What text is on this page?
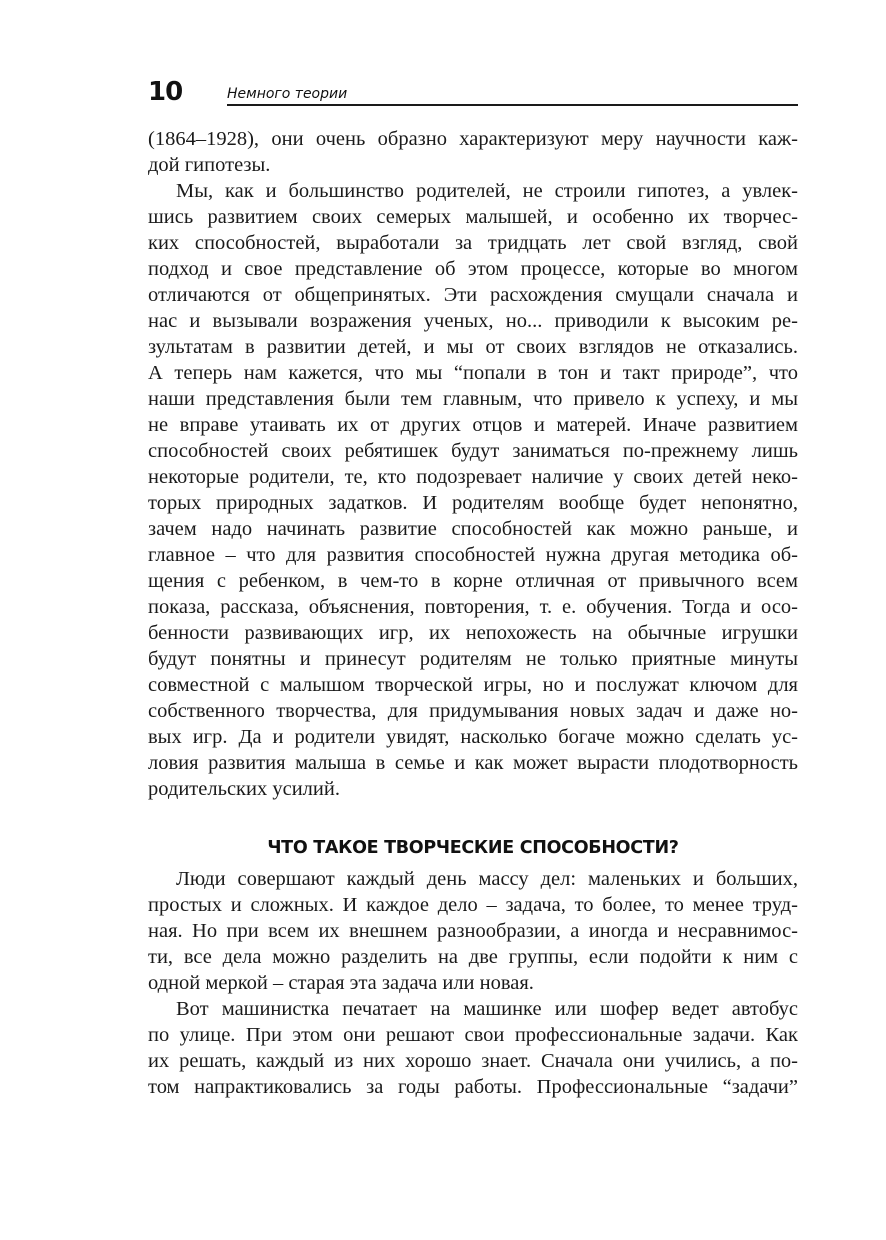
10	Немного теории
(1864–1928), они очень образно характеризуют меру научности каж-
дой гипотезы.
Мы, как и большинство родителей, не строили гипотез, а увлек-
шись развитием своих семерых малышей, и особенно их творчес-
ких способностей, выработали за тридцать лет свой взгляд, свой
подход и свое представление об этом процессе, которые во многом
отличаются от общепринятых. Эти расхождения смущали сначала и
нас и вызывали возражения ученых, но... приводили к высоким ре-
зультатам в развитии детей, и мы от своих взглядов не отказались.
А теперь нам кажется, что мы “попали в тон и такт природе”, что
наши представления были тем главным, что привело к успеху, и мы
не вправе утаивать их от других отцов и матерей. Иначе развитием
способностей своих ребятишек будут заниматься по-прежнему лишь
некоторые родители, те, кто подозревает наличие у своих детей неко-
торых природных задатков. И родителям вообще будет непонятно,
зачем надо начинать развитие способностей как можно раньше, и
главное – что для развития способностей нужна другая методика об-
щения с ребенком, в чем-то в корне отличная от привычного всем
показа, рассказа, объяснения, повторения, т. е. обучения. Тогда и осо-
бенности развивающих игр, их непохожесть на обычные игрушки
будут понятны и принесут родителям не только приятные минуты
совместной с малышом творческой игры, но и послужат ключом для
собственного творчества, для придумывания новых задач и даже но-
вых игр. Да и родители увидят, насколько богаче можно сделать ус-
ловия развития малыша в семье и как может вырасти плодотворность
родительских усилий.
ЧТО ТАКОЕ ТВОРЧЕСКИЕ СПОСОБНОСТИ?
Люди совершают каждый день массу дел: маленьких и больших,
простых и сложных. И каждое дело – задача, то более, то менее труд-
ная. Но при всем их внешнем разнообразии, а иногда и несравнимос-
ти, все дела можно разделить на две группы, если подойти к ним с
одной меркой – старая эта задача или новая.
Вот машинистка печатает на машинке или шофер ведет автобус
по улице. При этом они решают свои профессиональные задачи. Как
их решать, каждый из них хорошо знает. Сначала они учились, а по-
том напрактиковались за годы работы. Профессиональные “задачи”
